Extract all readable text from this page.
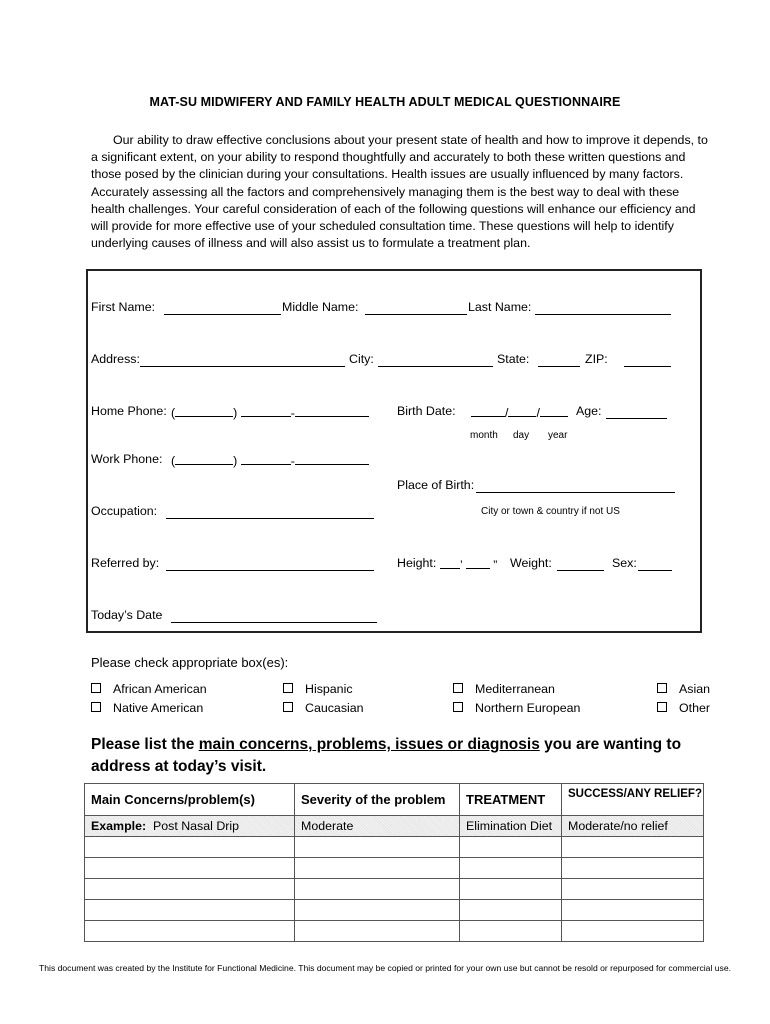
MAT-SU MIDWIFERY AND FAMILY HEALTH ADULT MEDICAL QUESTIONNAIRE

Our ability to draw effective conclusions about your present state of health and how to improve it depends, to a significant extent, on your ability to respond thoughtfully and accurately to both these written questions and those posed by the clinician during your consultations. Health issues are usually influenced by many factors. Accurately assessing all the factors and comprehensively managing them is the best way to deal with these health challenges. Your careful consideration of each of the following questions will enhance our efficiency and will provide for more effective use of your scheduled consultation time. These questions will help to identify underlying causes of illness and will also assist us to formulate a treatment plan.

First Name:	Middle Name:	Last Name:
Address:	City:	State:	ZIP:
Home Phone: (	)	-	Birth Date:	/ /	Age:
month day year
Work Phone: (	)	-
Place of Birth:
Occupation:	City or town & country if not US
Referred by:	Height:	’  ” Weight:	Sex:
Today’s Date
Please check appropriate box(es):
African American	Hispanic	Mediterranean	Asian
Native American	Caucasian	Northern European	Other
Please list the main concerns, problems, issues or diagnosis you are wanting to address at today’s visit.
Main Concerns/problem(s)	Severity of the problem	TREATMENT	SUCCESS/ANY RELIEF?
Example: Post Nasal Drip	Moderate	Elimination Diet	Moderate/no relief

This document was created by the Institute for Functional Medicine. This document may be copied or printed for your own use but cannot be resold or repurposed for commercial use.
